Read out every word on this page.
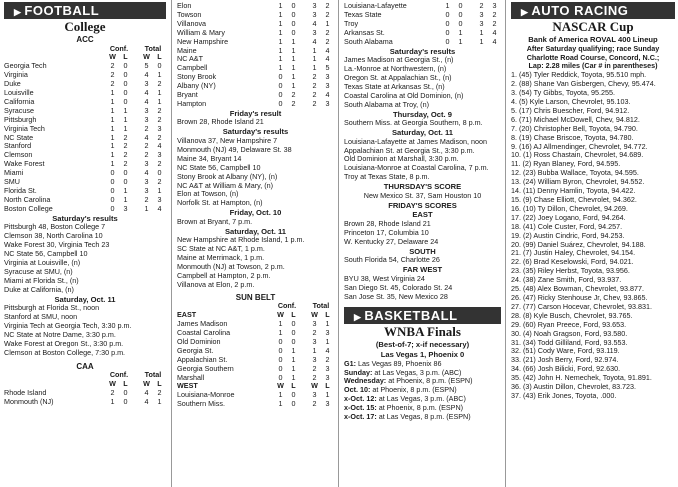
▶ FOOTBALL
College
ACC
Conf.	Total
W	L	W	L
Georgia Tech	2	0	5	0
Virginia	2	0	4	1
Duke	2	0	3	2
Louisville	1	0	4	1
California	1	0	4	1
Syracuse	1	1	3	2
Pittsburgh	1	1	3	2
Virginia Tech	1	1	2	3
NC State	1	2	4	2
Stanford	1	2	2	4
Clemson	1	2	2	3
Wake Forest	1	2	3	2
Miami	0	0	4	0
SMU	0	0	3	2
Florida St.	0	1	3	1
North Carolina	0	1	2	3
Boston College	0	3	1	4
Saturday's results
Pittsburgh 48, Boston College 7
Clemson 38, North Carolina 10
Wake Forest 30, Virginia Tech 23
NC State 56, Campbell 10
Virginia at Louisville, (n)
Syracuse at SMU, (n)
Miami at Florida St., (n)
Duke at California, (n)
Saturday, Oct. 11
Pittsburgh at Florida St., noon
Stanford at SMU, noon
Virginia Tech at Georgia Tech, 3:30 p.m.
NC State at Notre Dame, 3:30 p.m.
Wake Forest at Oregon St., 3:30 p.m.
Clemson at Boston College, 7:30 p.m.
CAA
Conf.	Total
W	L	W	L
Rhode Island	2	0	4	2
Monmouth (NJ)	1	0	4	1
Elon	1	0	3	2
Towson	1	0	3	2
Villanova	1	0	4	1
William & Mary	1	0	3	2
New Hampshire	1	1	4	2
Maine	1	1	1	4
NC A&T	1	1	1	4
Campbell	1	1	1	5
Stony Brook	0	1	2	3
Albany (NY)	0	1	2	3
Bryant	0	2	2	4
Hampton	0	2	2	3
Friday's result
Brown 28, Rhode Island 21
Saturday's results
Villanova 37, New Hampshire 7
Monmouth (NJ) 49, Delaware St. 38
Maine 34, Bryant 14
NC State 56, Campbell 10
Stony Brook at Albany (NY), (n)
NC A&T at William & Mary, (n)
Elon at Towson, (n)
Norfolk St. at Hampton, (n)
Friday, Oct. 10
Brown at Bryant, 7 p.m.
Saturday, Oct. 11
New Hampshire at Rhode Island, 1 p.m.
SC State at NC A&T, 1 p.m.
Maine at Merrimack, 1 p.m.
Monmouth (NJ) at Towson, 2 p.m.
Campbell at Hampton, 2 p.m.
Villanova at Elon, 2 p.m.
SUN BELT
Conf.	Total
EAST	W	L	W	L
James Madison	1	0	3	1
Coastal Carolina	1	0	2	3
Old Dominion	0	0	3	1
Georgia St.	0	1	1	4
Appalachian St.	0	1	3	2
Georgia Southern	0	1	2	3
Marshall	0	1	2	3
WEST	W	L	W	L
Louisiana-Monroe	1	0	3	1
Southern Miss.	1	0	2	3
Louisiana-Lafayette	1	0	2	3
Texas State	0	0	3	2
Troy	0	0	3	2
Arkansas St.	0	1	1	4
South Alabama	0	1	1	4
Saturday's results
James Madison at Georgia St., (n)
La.-Monroe at Northwestern, (n)
Oregon St. at Appalachian St., (n)
Texas State at Arkansas St., (n)
Coastal Carolina at Old Dominion, (n)
South Alabama at Troy, (n)
Thursday, Oct. 9
Southern Miss. at Georgia Southern, 8 p.m.
Saturday, Oct. 11
Louisiana-Lafayette at James Madison, noon
Appalachian St. at Georgia St., 3:30 p.m.
Old Dominion at Marshall, 3:30 p.m.
Louisiana-Monroe at Coastal Carolina, 7 p.m.
Troy at Texas State, 8 p.m.
THURSDAY'S SCORE
New Mexico St. 37, Sam Houston 10
FRIDAY'S SCORES
EAST
Brown 28, Rhode Island 21
Princeton 17, Columbia 10
W. Kentucky 27, Delaware 24
SOUTH
South Florida 54, Charlotte 26
FAR WEST
BYU 38, West Virginia 24
San Diego St. 45, Colorado St. 24
San Jose St. 35, New Mexico 28
▶ BASKETBALL
WNBA Finals
(Best-of-7; x-if necessary)
Las Vegas 1, Phoenix 0
G1: Las Vegas 89, Phoenix 86
Sunday: at Las Vegas, 3 p.m. (ABC)
Wednesday: at Phoenix, 8 p.m. (ESPN)
Oct. 10: at Phoenix, 8 p.m. (ESPN)
x-Oct. 12: at Las Vegas, 3 p.m. (ABC)
x-Oct. 15: at Phoenix, 8 p.m. (ESPN)
x-Oct. 17: at Las Vegas, 8 p.m. (ESPN)
▶ AUTO RACING
NASCAR Cup
Bank of America ROVAL 400 Lineup
After Saturday qualifying; race Sunday
Charlotte Road Course, Concord, N.C.;
Lap: 2.28 miles (Car # in parentheses)
1. (45) Tyler Reddick, Toyota, 95.510 mph.
2. (88) Shane Van Gisbergen, Chevy, 95.474.
3. (54) Ty Gibbs, Toyota, 95.255.
4. (5) Kyle Larson, Chevrolet, 95.103.
5. (17) Chris Buescher, Ford, 94.912.
6. (71) Michael McDowell, Chev, 94.812.
7. (20) Christopher Bell, Toyota, 94.790.
8. (19) Chase Briscoe, Toyota, 94.780.
9. (16) AJ Allmendinger, Chevrolet, 94.772.
10. (1) Ross Chastain, Chevrolet, 94.689.
11. (2) Ryan Blaney, Ford, 94.595.
12. (23) Bubba Wallace, Toyota, 94.595.
13. (24) William Byron, Chevrolet, 94.552.
14. (11) Denny Hamlin, Toyota, 94.422.
15. (9) Chase Elliott, Chevrolet, 94.362.
16. (10) Ty Dillon, Chevrolet, 94.269.
17. (22) Joey Logano, Ford, 94.264.
18. (41) Cole Custer, Ford, 94.257.
19. (2) Austin Cindric, Ford, 94.253.
20. (99) Daniel Suárez, Chevrolet, 94.188.
21. (7) Justin Haley, Chevrolet, 94.154.
22. (6) Brad Keselowski, Ford, 94.021.
23. (35) Riley Herbst, Toyota, 93.956.
24. (38) Zane Smith, Ford, 93.937.
25. (48) Alex Bowman, Chevrolet, 93.877.
26. (47) Ricky Stenhouse Jr, Chev, 93.865.
27. (77) Carson Hocevar, Chevrolet, 93.831.
28. (8) Kyle Busch, Chevrolet, 93.765.
29. (60) Ryan Preece, Ford, 93.653.
30. (4) Noah Gragson, Ford, 93.580.
31. (34) Todd Gilliland, Ford, 93.553.
32. (51) Cody Ware, Ford, 93.119.
33. (21) Josh Berry, Ford, 92.974.
34. (66) Josh Bilicki, Ford, 92.630.
35. (42) John H. Nemechek, Toyota, 91.891.
36. (3) Austin Dillon, Chevrolet, 83.723.
37. (43) Erik Jones, Toyota, .000.
